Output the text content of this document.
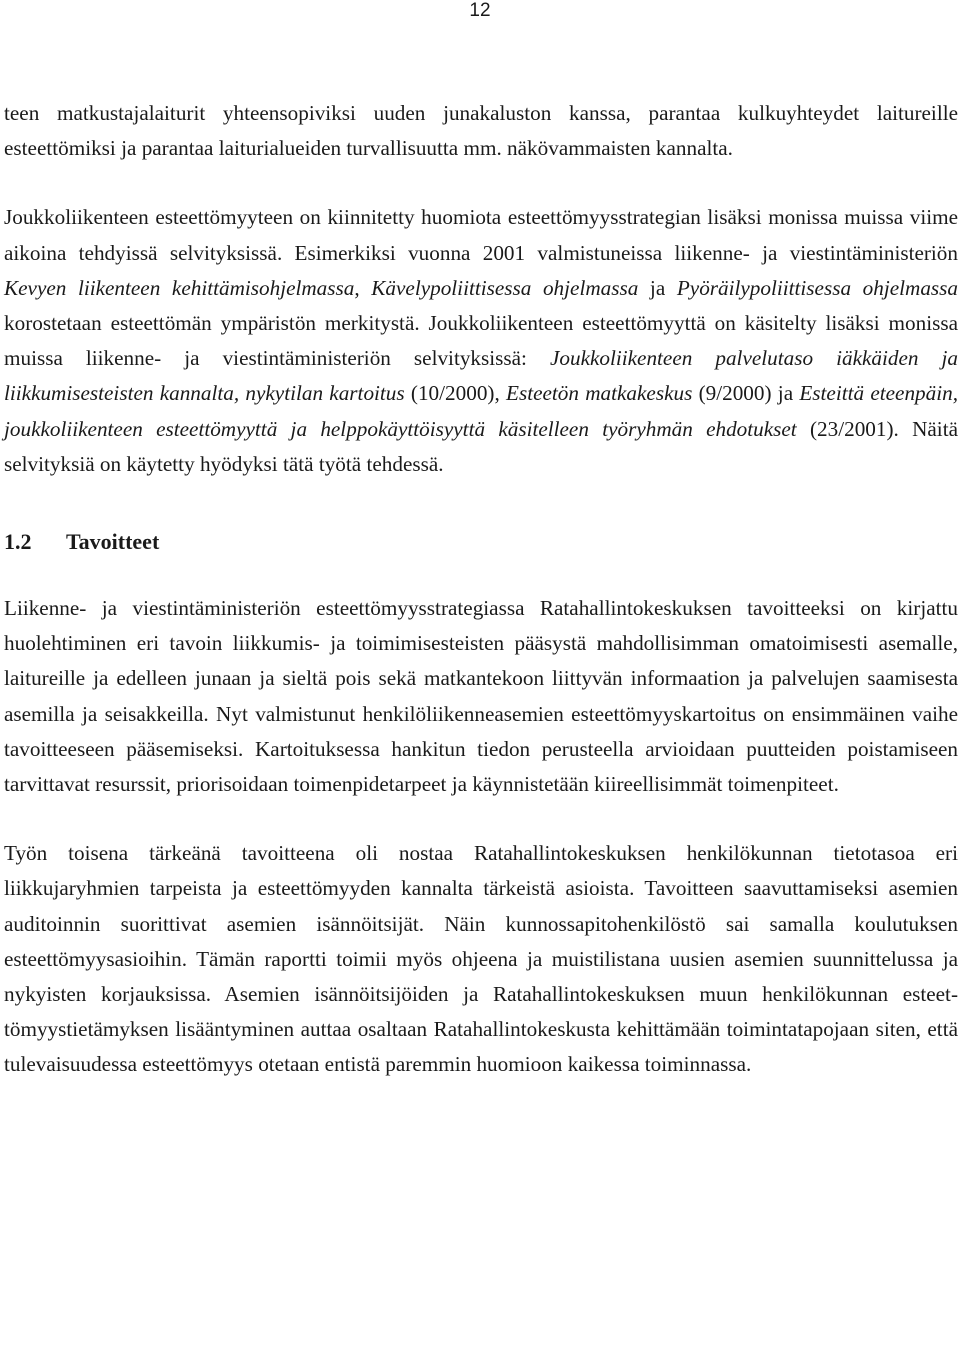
12

teen matkustajalaiturit yhteensopiviksi uuden junakaluston kanssa, parantaa kulkuyhteydet laitureille esteettömiksi ja parantaa laiturialueiden turvallisuutta mm. näkövammaisten kannalta.

Joukkoliikenteen esteettömyyteen on kiinnitetty huomiota esteettömyysstrategian lisäksi monissa muissa viime aikoina tehdyissä selvityksissä. Esimerkiksi vuonna 2001 valmistuneissa liikenne- ja viestintäministeriön Kevyen liikenteen kehittämisohjelmassa, Kävelypoliittisessa ohjelmassa ja Pyöräilypoliittisessa ohjelmassa korostetaan esteettömän ympäristön merkitystä. Joukkoliikenteen esteettömyyttä on käsitelty lisäksi monissa muissa liikenne- ja viestintäministeriön selvityksissä: Joukkoliikenteen palvelutaso iäkkäiden ja liikkumisesteisten kannalta, nykytilan kartoitus (10/2000), Esteetön matkakeskus (9/2000) ja Esteittä eteenpäin, joukkoliikenteen esteettömyyttä ja helppokäyttöisyyttä käsitelleen työryhmän ehdotukset (23/2001). Näitä selvityksiä on käytetty hyödyksi tätä työtä tehdessä.

1.2 Tavoitteet

Liikenne- ja viestintäministeriön esteettömyysstrategiassa Ratahallintokeskuksen tavoitteeksi on kirjattu huolehtiminen eri tavoin liikkumis- ja toimimisesteisten pääsystä mahdollisimman omatoimisesti asemalle, laitureille ja edelleen junaan ja sieltä pois sekä matkantekoon liittyvän informaation ja palvelujen saamisesta asemilla ja seisakkeilla. Nyt valmistunut henkilöliikenneasemien esteettömyyskartoitus on ensimmäinen vaihe tavoitteeseen pääsemiseksi. Kartoituksessa hankitun tiedon perusteella arvioidaan puutteiden poistamiseen tarvittavat resurssit, priorisoidaan toimenpidetarpeet ja käynnistetään kiireellisimmät toimenpiteet.

Työn toisena tärkeänä tavoitteena oli nostaa Ratahallintokeskuksen henkilökunnan tietotasoa eri liikkujaryhmien tarpeista ja esteettömyyden kannalta tärkeistä asioista. Tavoitteen saavuttamiseksi asemien auditoinnin suorittivat asemien isännöitsijät. Näin kunnossapitohenkilöstö sai samalla koulutuksen esteettömyysasioihin. Tämän raportti toimii myös ohjeena ja muistilistana uusien asemien suunnittelussa ja nykyisten korjauksissa. Asemien isännöitsijöiden ja Ratahallintokeskuksen muun henkilökunnan esteettömyystietämyksen lisääntyminen auttaa osaltaan Ratahallintokeskusta kehittämään toimintatapojaan siten, että tulevaisuudessa esteettömyys otetaan entistä paremmin huomioon kaikessa toiminnassa.
